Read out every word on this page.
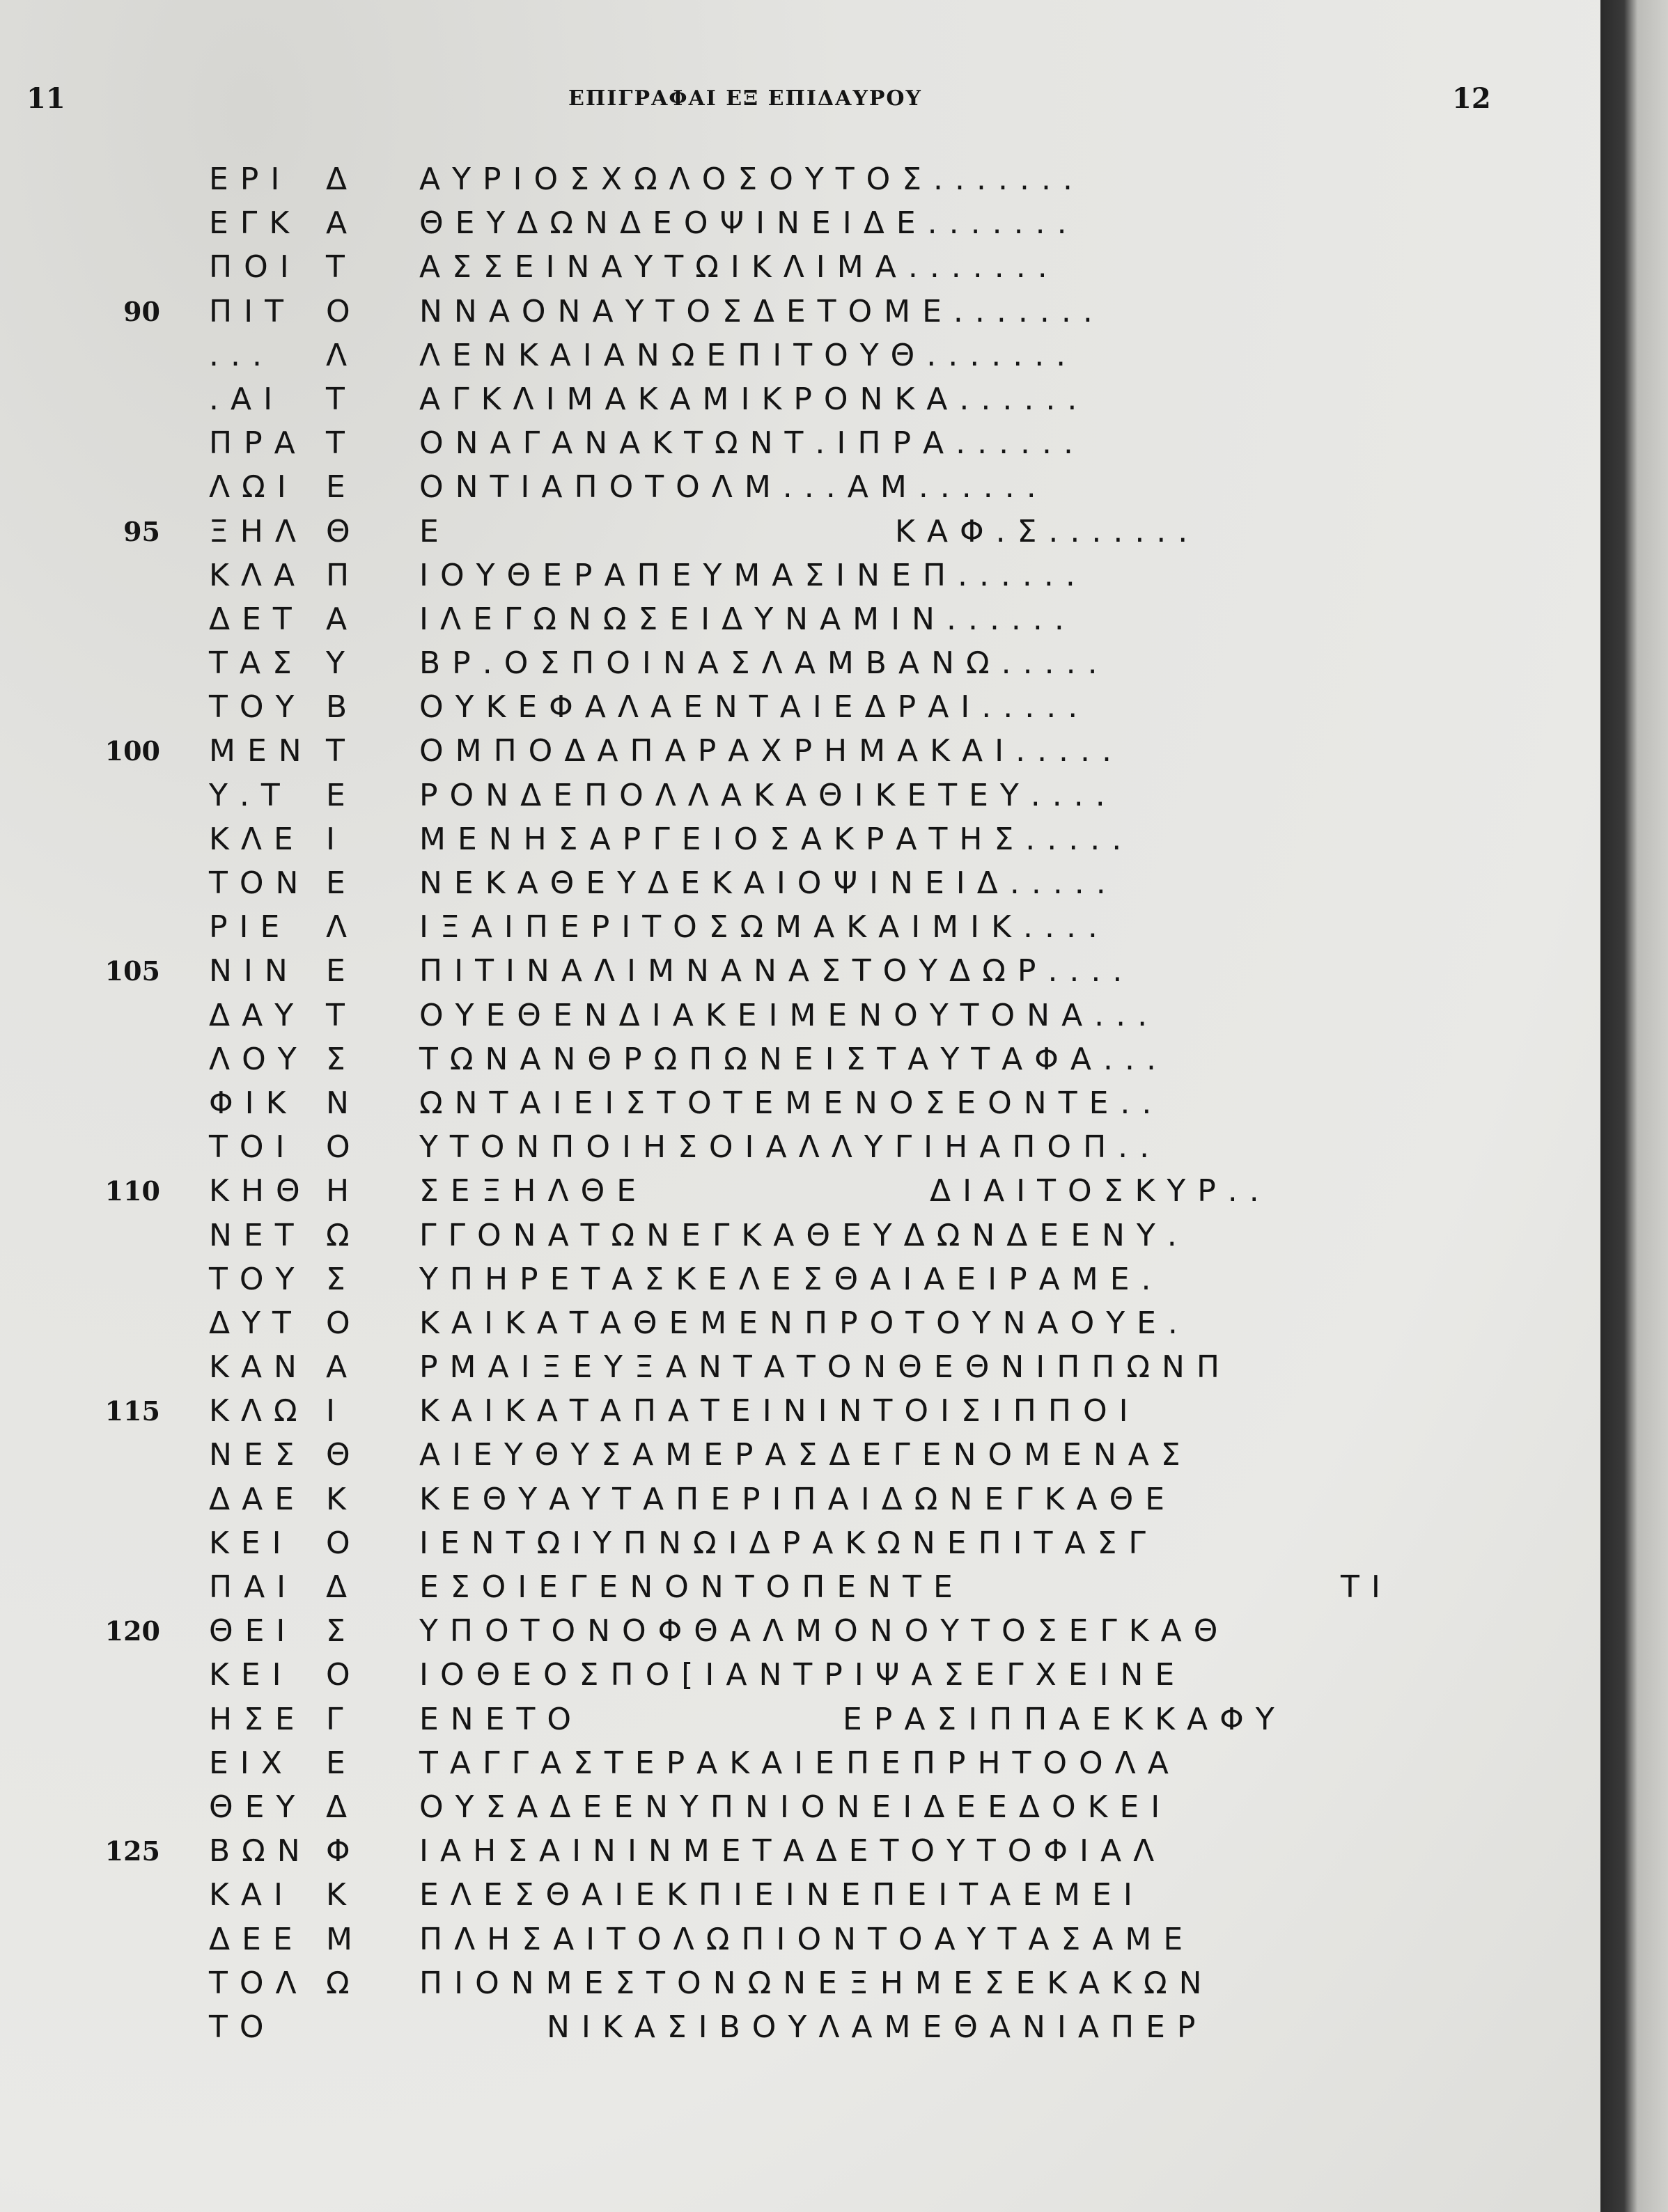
11	ΕΠΙΓΡΑΦΑΙ ΕΞ ΕΠΙΔΑΥΡΟΥ	12
ΕΡΙ Δ ΑΥΡΙΟΣΧΩΛΟΣΟΥΤΟΣ.......
ΕΓΚ Α ΘΕΥΔΩΝΔΕΟΨΙΝΕΙΔΕ.......
ΠΟΙ Τ ΑΣΣΕΙΝΑΥΤΩΙΚΛΙΜΑ.......
90 ΠΙΤ Ο ΝΝΑΟΝΑΥΤΟΣΔΕΤΟΜΕ.......
... Λ ΛΕΝΚΑΙΑΝΩΕΠΙΤΟΥΘ.......
.ΑΙ Τ ΑΓΚΛΙΜΑΚΑΜΙΚΡΟΝΚΑ......
ΠΡΑ Τ ΟΝΑΓΑΝΑΚΤΩΝΤ.ΙΠΡΑ......
ΛΩΙ Ε ΟΝΤΙΑΠΟΤΟΛΜ...ΑΜ......
95 ΞΗΛ Θ Ε	ΚΑΦ.Σ.......
ΚΛΑ Π ΙΟΥΘΕΡΑΠΕΥΜΑΣΙΝΕΠ......
ΔΕΤ Α ΙΛΕΓΩΝΩΣΕΙΔΥΝΑΜΙΝ......
ΤΑΣ Υ ΒΡ.ΟΣΠΟΙΝΑΣΛΑΜΒΑΝΩ.....
ΤΟΥ Β ΟΥΚΕΦΑΛΑΕΝΤΑΙΕΔΡΑΙ.....
100 ΜΕΝ Τ ΟΜΠΟΔΑΠΑΡΑΧΡΗΜΑΚΑΙ.....
Υ.Τ Ε ΡΟΝΔΕΠΟΛΛΑΚΑΘΙΚΕΤΕΥ....
ΚΛΕ Ι ΜΕΝΗΣΑΡΓΕΙΟΣΑΚΡΑΤΗΣ.....
ΤΟΝ Ε ΝΕΚΑΘΕΥΔΕΚΑΙΟΨΙΝΕΙΔ.....
ΡΙΕ Λ ΙΞΑΙΠΕΡΙΤΟΣΩΜΑΚΑΙΜΙΚ....
105 ΝΙΝ Ε ΠΙΤΙΝΑΛΙΜΝΑΝΑΣΤΟΥΔΩΡ....
ΔΑΥ Τ ΟΥΕΘΕΝΔΙΑΚΕΙΜΕΝΟΥΤΟΝΑ...
ΛΟΥ Σ ΤΩΝΑΝΘΡΩΠΩΝΕΙΣΤΑΥΤΑΦΑ...
ΦΙΚ Ν ΩΝΤΑΙΕΙΣΤΟΤΕΜΕΝΟΣΕΟΝΤΕ..
ΤΟΙ Ο ΥΤΟΝΠΟΙΗΣΟΙΑΛΛΥΓΙΗΑΠΟΠ..
110 ΚΗΘ Η ΣΕΞΗΛΘΕ	ΔΙΑΙΤΟΣΚΥΡ..
ΝΕΤ Ω ΓΓΟΝΑΤΩΝΕΓΚΑΘΕΥΔΩΝΔΕΕΝΥ.
ΤΟΥ Σ ΥΠΗΡΕΤΑΣΚΕΛΕΣΘΑΙΑΕΙΡΑΜΕ.
ΔΥΤ Ο ΚΑΙΚΑΤΑΘΕΜΕΝΠΡΟΤΟΥΝΑΟΥΕ.
ΚΑΝ Α ΡΜΑΙΞΕΥΞΑΝΤΑΤΟΝΘΕΘΝΙΠΠΩΝΠ
115 ΚΛΩ Ι ΚΑΙΚΑΤΑΠΑΤΕΙΝΙΝΤΟΙΣΙΠΠΟΙ
ΝΕΣ Θ ΑΙΕΥΘΥΣΑΜΕΡΑΣΔΕΓΕΝΟΜΕΝΑΣ
ΔΑΕ Κ ΚΕΘΥΑΥΤΑΠΕΡΙΠΑΙΔΩΝΕΓΚΑΘΕ
ΚΕΙ Ο ΙΕΝΤΩΙΥΠΝΩΙΔΡΑΚΩΝΕΠΙΤΑΣΓ
ΠΑΙ Δ ΕΣΟΙΕΓΕΝΟΝΤΟΠΕΝΤΕ	ΤΙ
120 ΘΕΙ Σ ΥΠΟΤΟΝΟΦΘΑΛΜΟΝΟΥΤΟΣΕΓΚΑΘ
ΚΕΙ Ο ΙΟΘΕΟΣΠΟ[ΙΑΝΤΡΙΨΑΣΕΓΧΕΙΝΕ
ΗΣΕ Γ ΕΝΕΤΟ	ΕΡΑΣΙΠΠΑΕΚΚΑΦΥ
ΕΙΧ Ε ΤΑΓΓΑΣΤΕΡΑΚΑΙΕΠΕΠΡΗΤΟΟΛΑ
ΘΕΥ Δ ΟΥΣΑΔΕΕΝΥΠΝΙΟΝΕΙΔΕΕΔΟΚΕΙ
125 ΒΩΝ Φ ΙΑΗΣΑΙΝΙΝΜΕΤΑΔΕΤΟΥΤΟΦΙΑΛ
ΚΑΙ Κ ΕΛΕΣΘΑΙΕΚΠΙΕΙΝΕΠΕΙΤΑΕΜΕΙ
ΔΕΕ Μ ΠΛΗΣΑΙΤΟΛΩΠΙΟΝΤΟΑΥΤΑΣΑΜΕ
ΤΟΛ Ω ΠΙΟΝΜΕΣΤΟΝΩΝΕΞΗΜΕΣΕΚΑΚΩΝ
ΤΟ	ΝΙΚΑΣΙΒΟΥΛΑΜΕΘΑΝΙΑΠΕΡ
